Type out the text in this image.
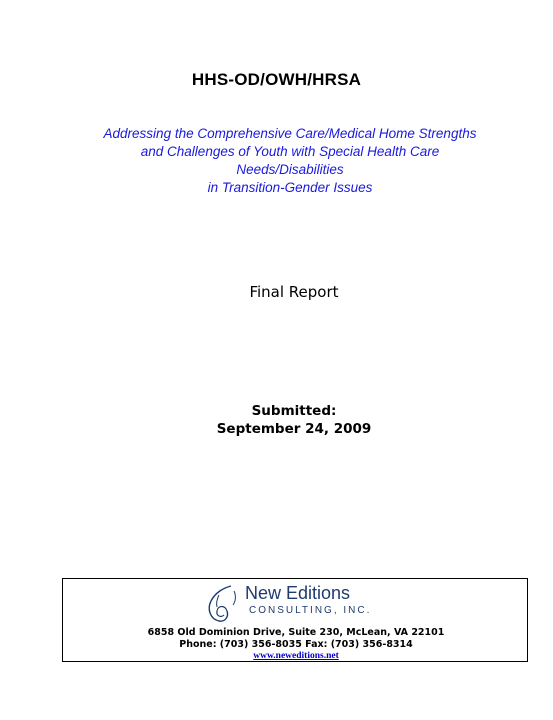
HHS-OD/OWH/HRSA
Addressing the Comprehensive Care/Medical Home Strengths
and Challenges of Youth with Special Health Care
Needs/Disabilities
in Transition-Gender Issues
Final Report
Submitted:
September 24, 2009
New Editions
CONSULTING, INC.
6858 Old Dominion Drive, Suite 230, McLean, VA 22101
Phone: (703) 356-8035 Fax: (703) 356-8314
www.neweditions.net
